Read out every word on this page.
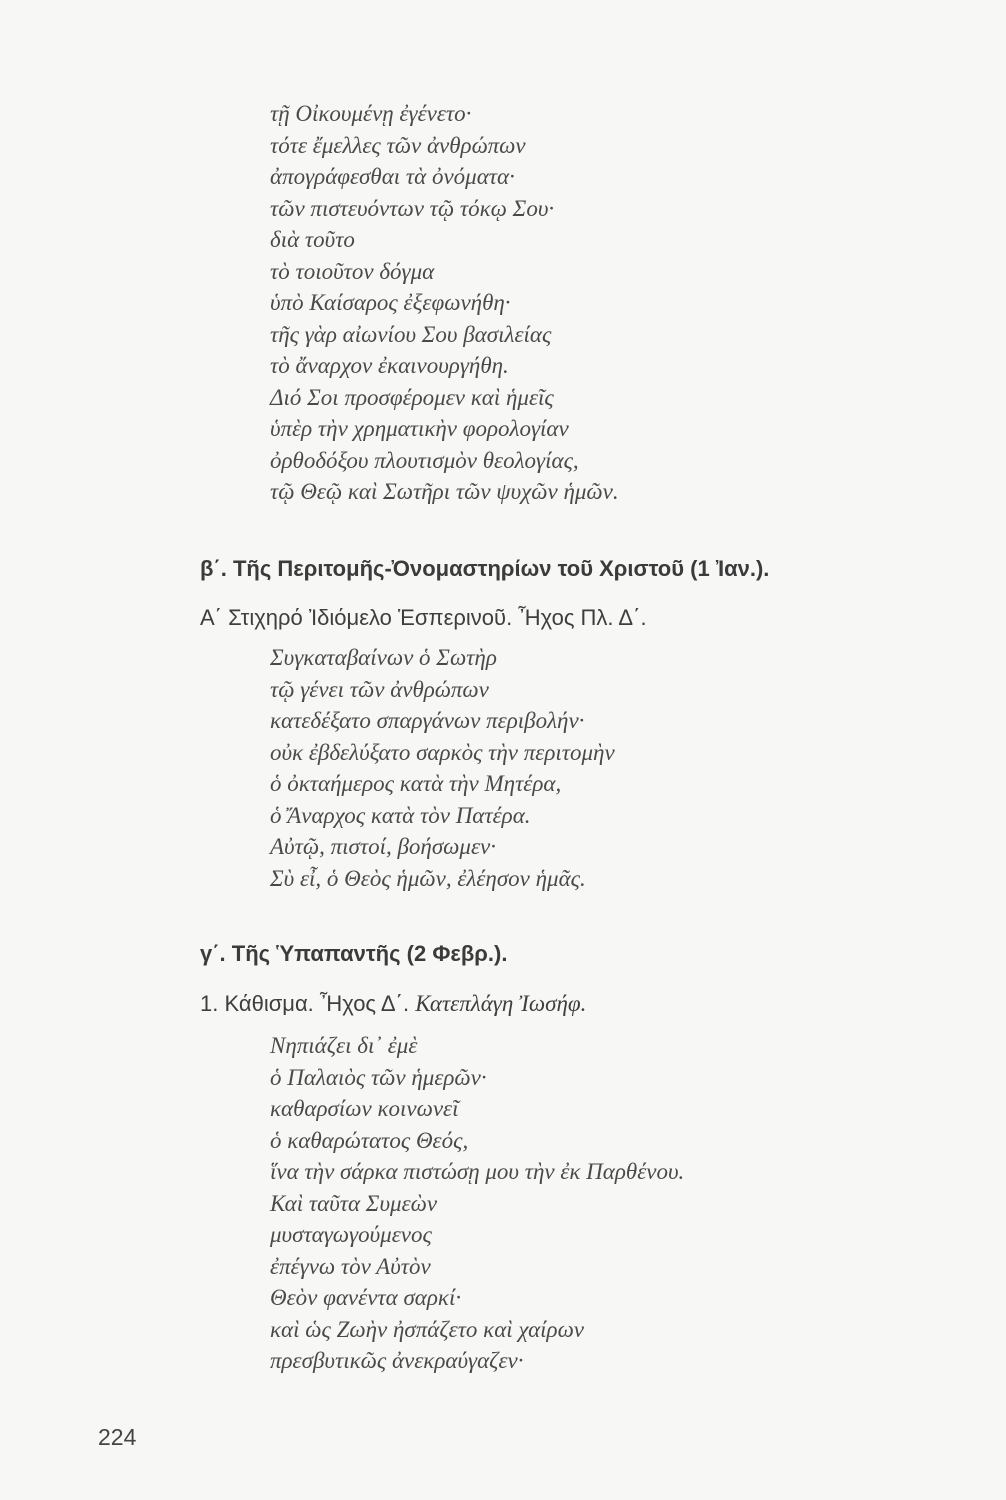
τῇ Οἰκουμένῃ ἐγένετο·

τότε ἔμελλες τῶν ἀνθρώπων

ἀπογράφεσθαι τὰ ὀνόματα·

τῶν πιστευόντων τῷ τόκῳ Σου·

διὰ τοῦτο

τὸ τοιοῦτον δόγμα

ὑπὸ Καίσαρος ἐξεφωνήθη·

τῆς γὰρ αἰωνίου Σου βασιλείας

τὸ ἄναρχον ἐκαινουργήθη.

Διό Σοι προσφέρομεν καὶ ἡμεῖς

ὑπὲρ τὴν χρηματικὴν φορολογίαν

ὀρθοδόξου πλουτισμὸν θεολογίας,

τῷ Θεῷ καὶ Σωτῆρι τῶν ψυχῶν ἡμῶν.

β΄. Τῆς Περιτομῆς-Ὀνομαστηρίων τοῦ Χριστοῦ (1 Ἰαν.).
Α΄ Στιχηρό Ἰδιόμελο Ἑσπερινοῦ. Ἦχος Πλ. Δ΄.

Συγκαταβαίνων ὁ Σωτὴρ

τῷ γένει τῶν ἀνθρώπων

κατεδέξατο σπαργάνων περιβολήν·

οὐκ ἐβδελύξατο σαρκὸς τὴν περιτομὴν

ὁ ὀκταήμερος κατὰ τὴν Μητέρα,

ὁ Ἄναρχος κατὰ τὸν Πατέρα.

Αὐτῷ, πιστοί, βοήσωμεν·

Σὺ εἶ, ὁ Θεὸς ἡμῶν, ἐλέησον ἡμᾶς.

γ΄. Τῆς Ὑπαπαντῆς (2 Φεβρ.).
1. Κάθισμα. Ἦχος Δ΄. Κατεπλάγη Ἰωσήφ.

Νηπιάζει δι᾿ ἐμὲ

ὁ Παλαιὸς τῶν ἡμερῶν·

καθαρσίων κοινωνεῖ

ὁ καθαρώτατος Θεός,

ἵνα τὴν σάρκα πιστώσῃ μου τὴν ἐκ Παρθένου.

Καὶ ταῦτα Συμεὼν

μυσταγωγούμενος

ἐπέγνω τὸν Αὐτὸν

Θεὸν φανέντα σαρκί·

καὶ ὡς Ζωὴν ἠσπάζετο καὶ χαίρων

πρεσβυτικῶς ἀνεκραύγαζεν·

224
